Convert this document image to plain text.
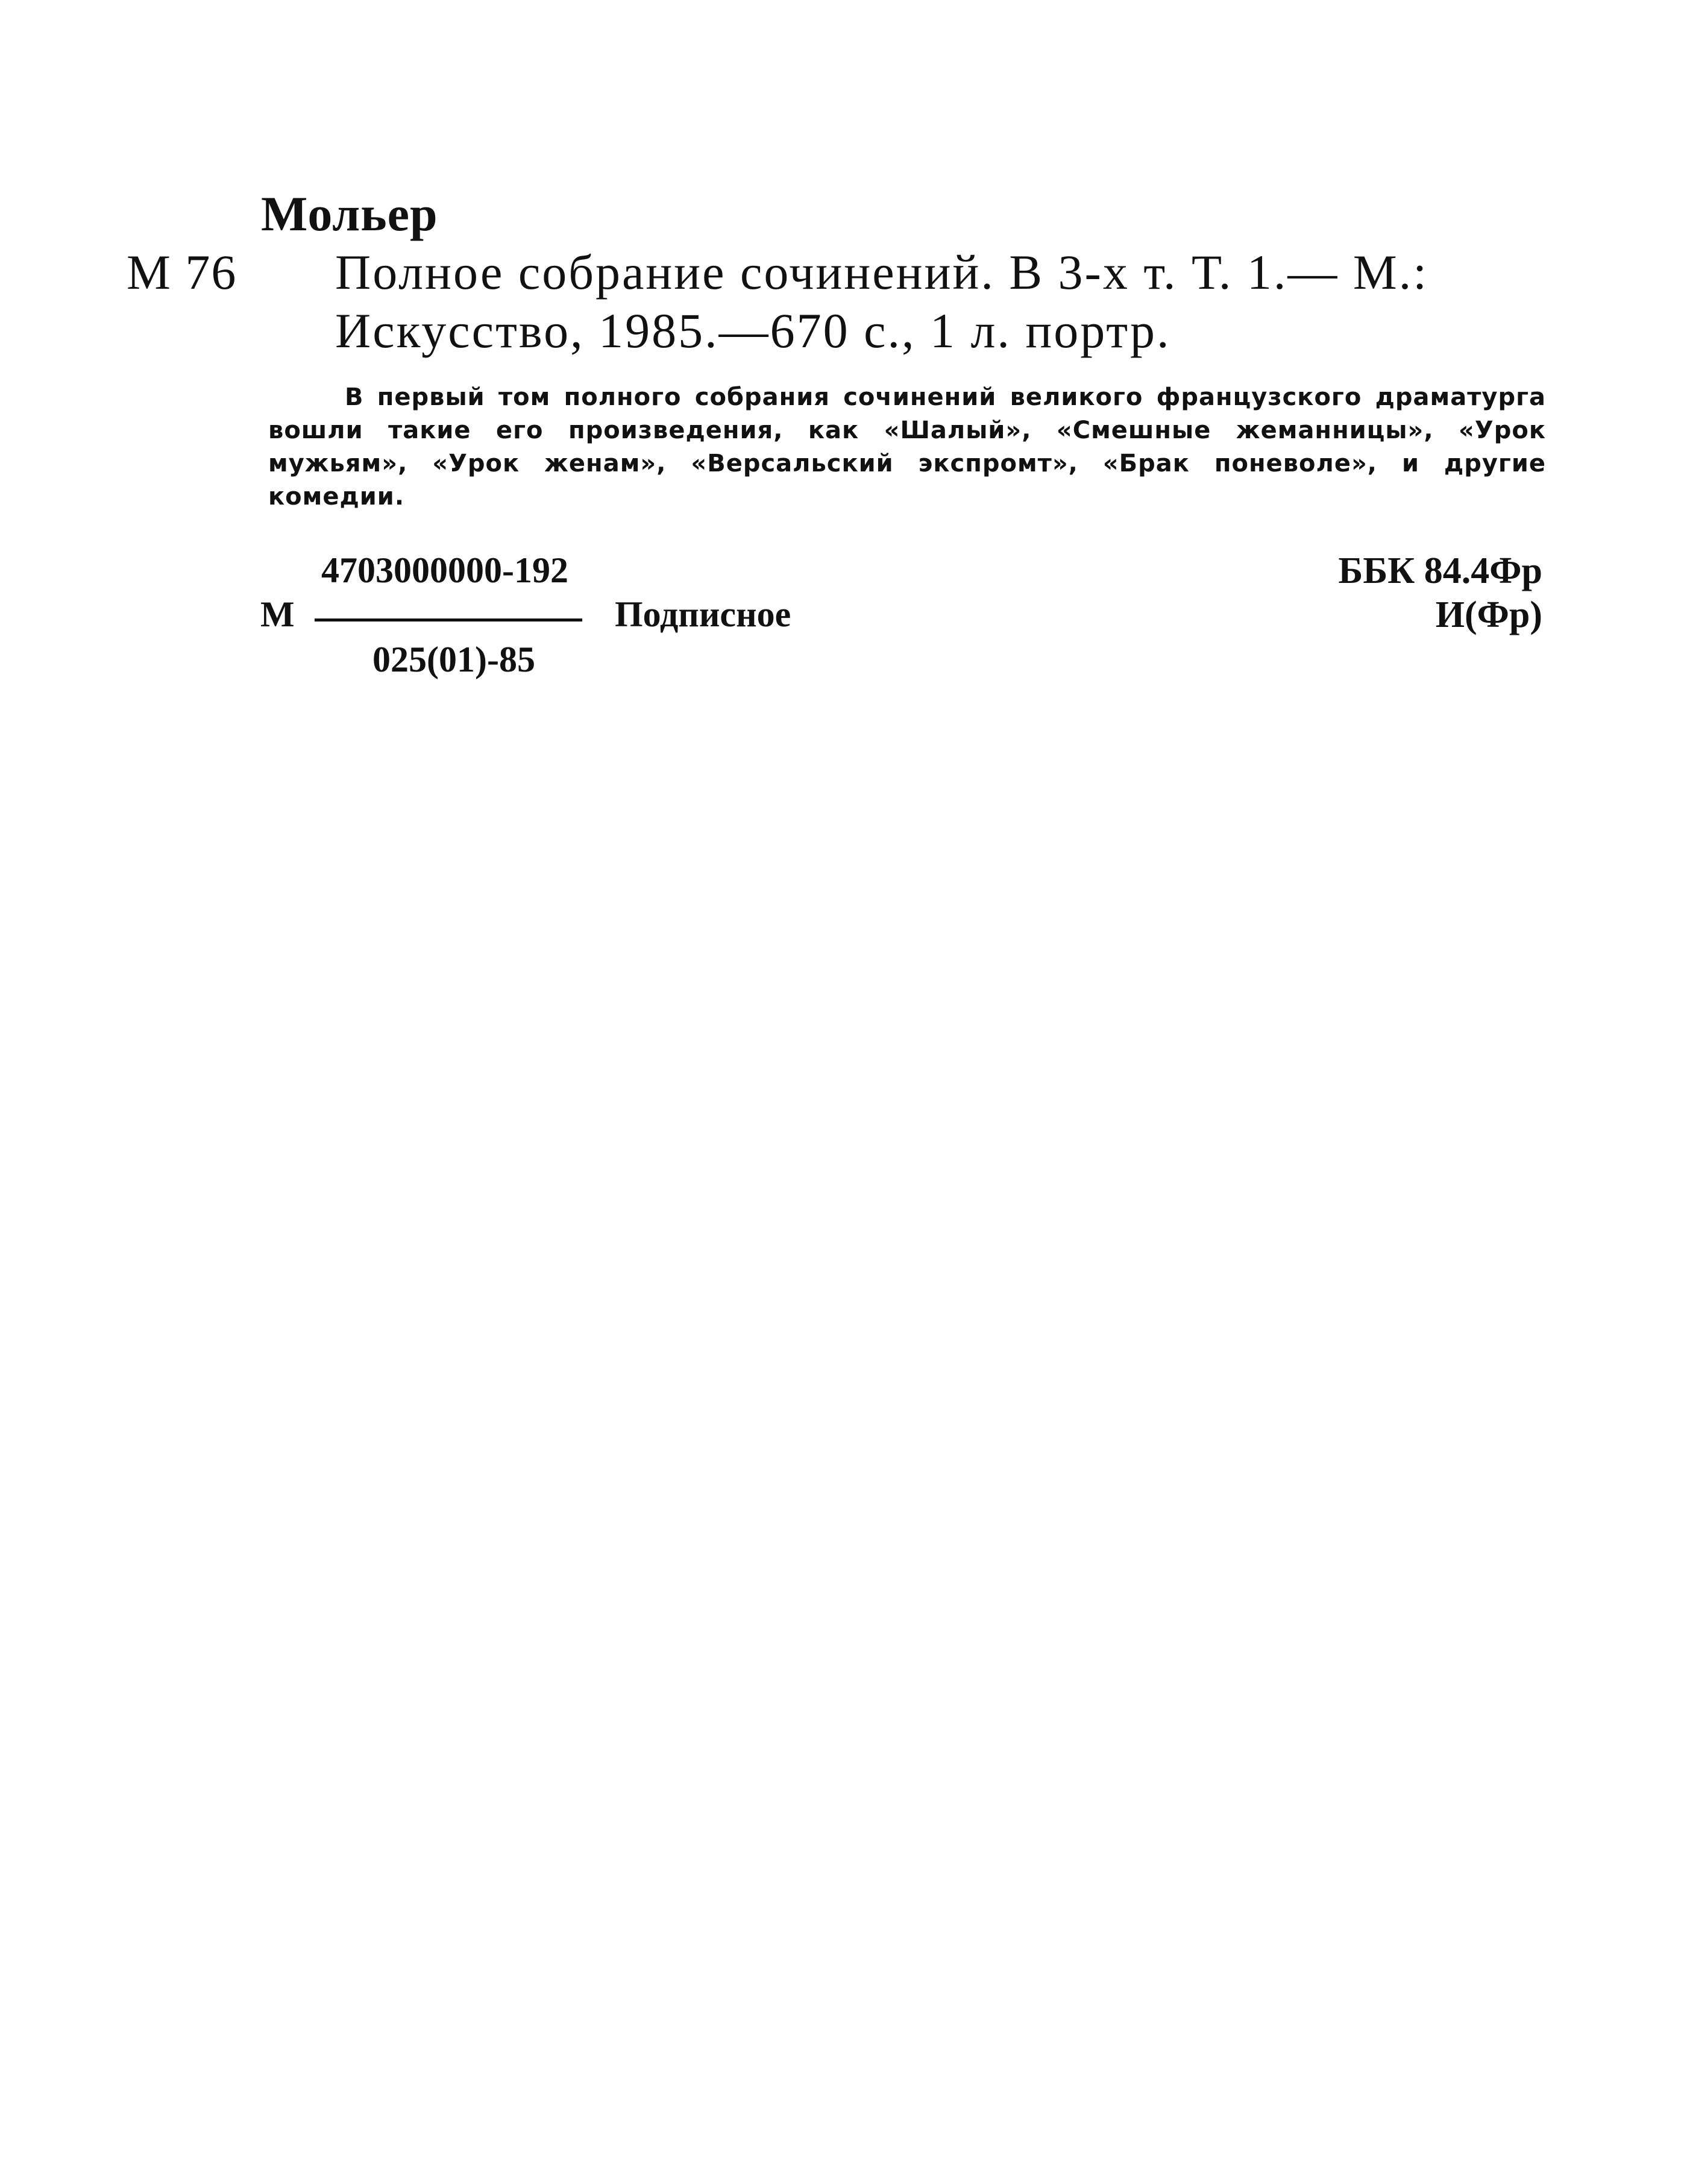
Мольер
М 76 Полное собрание сочинений. В 3-х т. Т. 1.— М.:
Искусство, 1985.—670 с., 1 л. портр.
В первый том полного собрания сочинений великого французского драматурга вошли такие его произведения, как «Шалый», «Смешные жеманницы», «Урок мужьям», «Урок женам», «Версальский экспромт», «Брак поневоле», и другие комедии.
4703000000-192
М	Подписное
025(01)-85
ББК 84.4Фр
И(Фр)
